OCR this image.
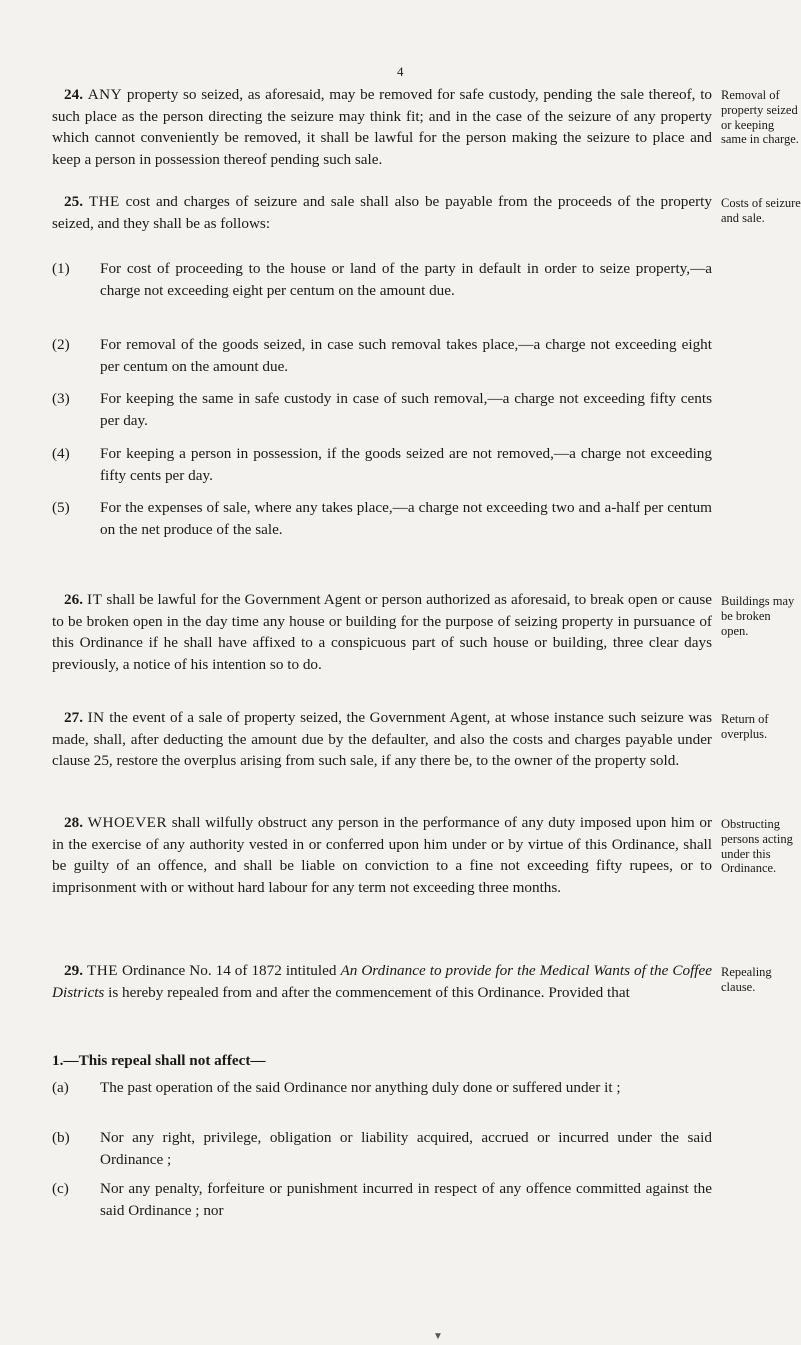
4

24. ANY property so seized, as aforesaid, may be removed for safe custody, pending the sale thereof, to such place as the person directing the seizure may think fit; and in the case of the seizure of any property which cannot conveniently be removed, it shall be lawful for the person making the seizure to place and keep a person in possession thereof pending such sale.

Removal of property seized or keeping same in charge.

25. THE cost and charges of seizure and sale shall also be payable from the proceeds of the property seized, and they shall be as follows:

Costs of seizure and sale.
(1) For cost of proceeding to the house or land of the party in default in order to seize property,—a charge not exceeding eight per centum on the amount due.
(2) For removal of the goods seized, in case such removal takes place,—a charge not exceeding eight per centum on the amount due.
(3) For keeping the same in safe custody in case of such removal,—a charge not exceeding fifty cents per day.
(4) For keeping a person in possession, if the goods seized are not removed,—a charge not exceeding fifty cents per day.
(5) For the expenses of sale, where any takes place,—a charge not exceeding two and a-half per centum on the net produce of the sale.

26. IT shall be lawful for the Government Agent or person authorized as aforesaid, to break open or cause to be broken open in the day time any house or building for the purpose of seizing property in pursuance of this Ordinance if he shall have affixed to a conspicuous part of such house or building, three clear days previously, a notice of his intention so to do.

Buildings may be broken open.

27. IN the event of a sale of property seized, the Government Agent, at whose instance such seizure was made, shall, after deducting the amount due by the defaulter, and also the costs and charges payable under clause 25, restore the overplus arising from such sale, if any there be, to the owner of the property sold.

Return of overplus.

28. WHOEVER shall wilfully obstruct any person in the performance of any duty imposed upon him or in the exercise of any authority vested in or conferred upon him under or by virtue of this Ordinance, shall be guilty of an offence, and shall be liable on conviction to a fine not exceeding fifty rupees, or to imprisonment with or without hard labour for any term not exceeding three months.

Obstructing persons acting under this Ordinance.

29. THE Ordinance No. 14 of 1872 intituled An Ordinance to provide for the Medical Wants of the Coffee Districts is hereby repealed from and after the commencement of this Ordinance. Provided that

Repealing clause.
1.—This repeal shall not affect—
(a) The past operation of the said Ordinance nor anything duly done or suffered under it ;
(b) Nor any right, privilege, obligation or liability acquired, accrued or incurred under the said Ordinance ;
(c) Nor any penalty, forfeiture or punishment incurred in respect of any offence committed against the said Ordinance ; nor
▼
